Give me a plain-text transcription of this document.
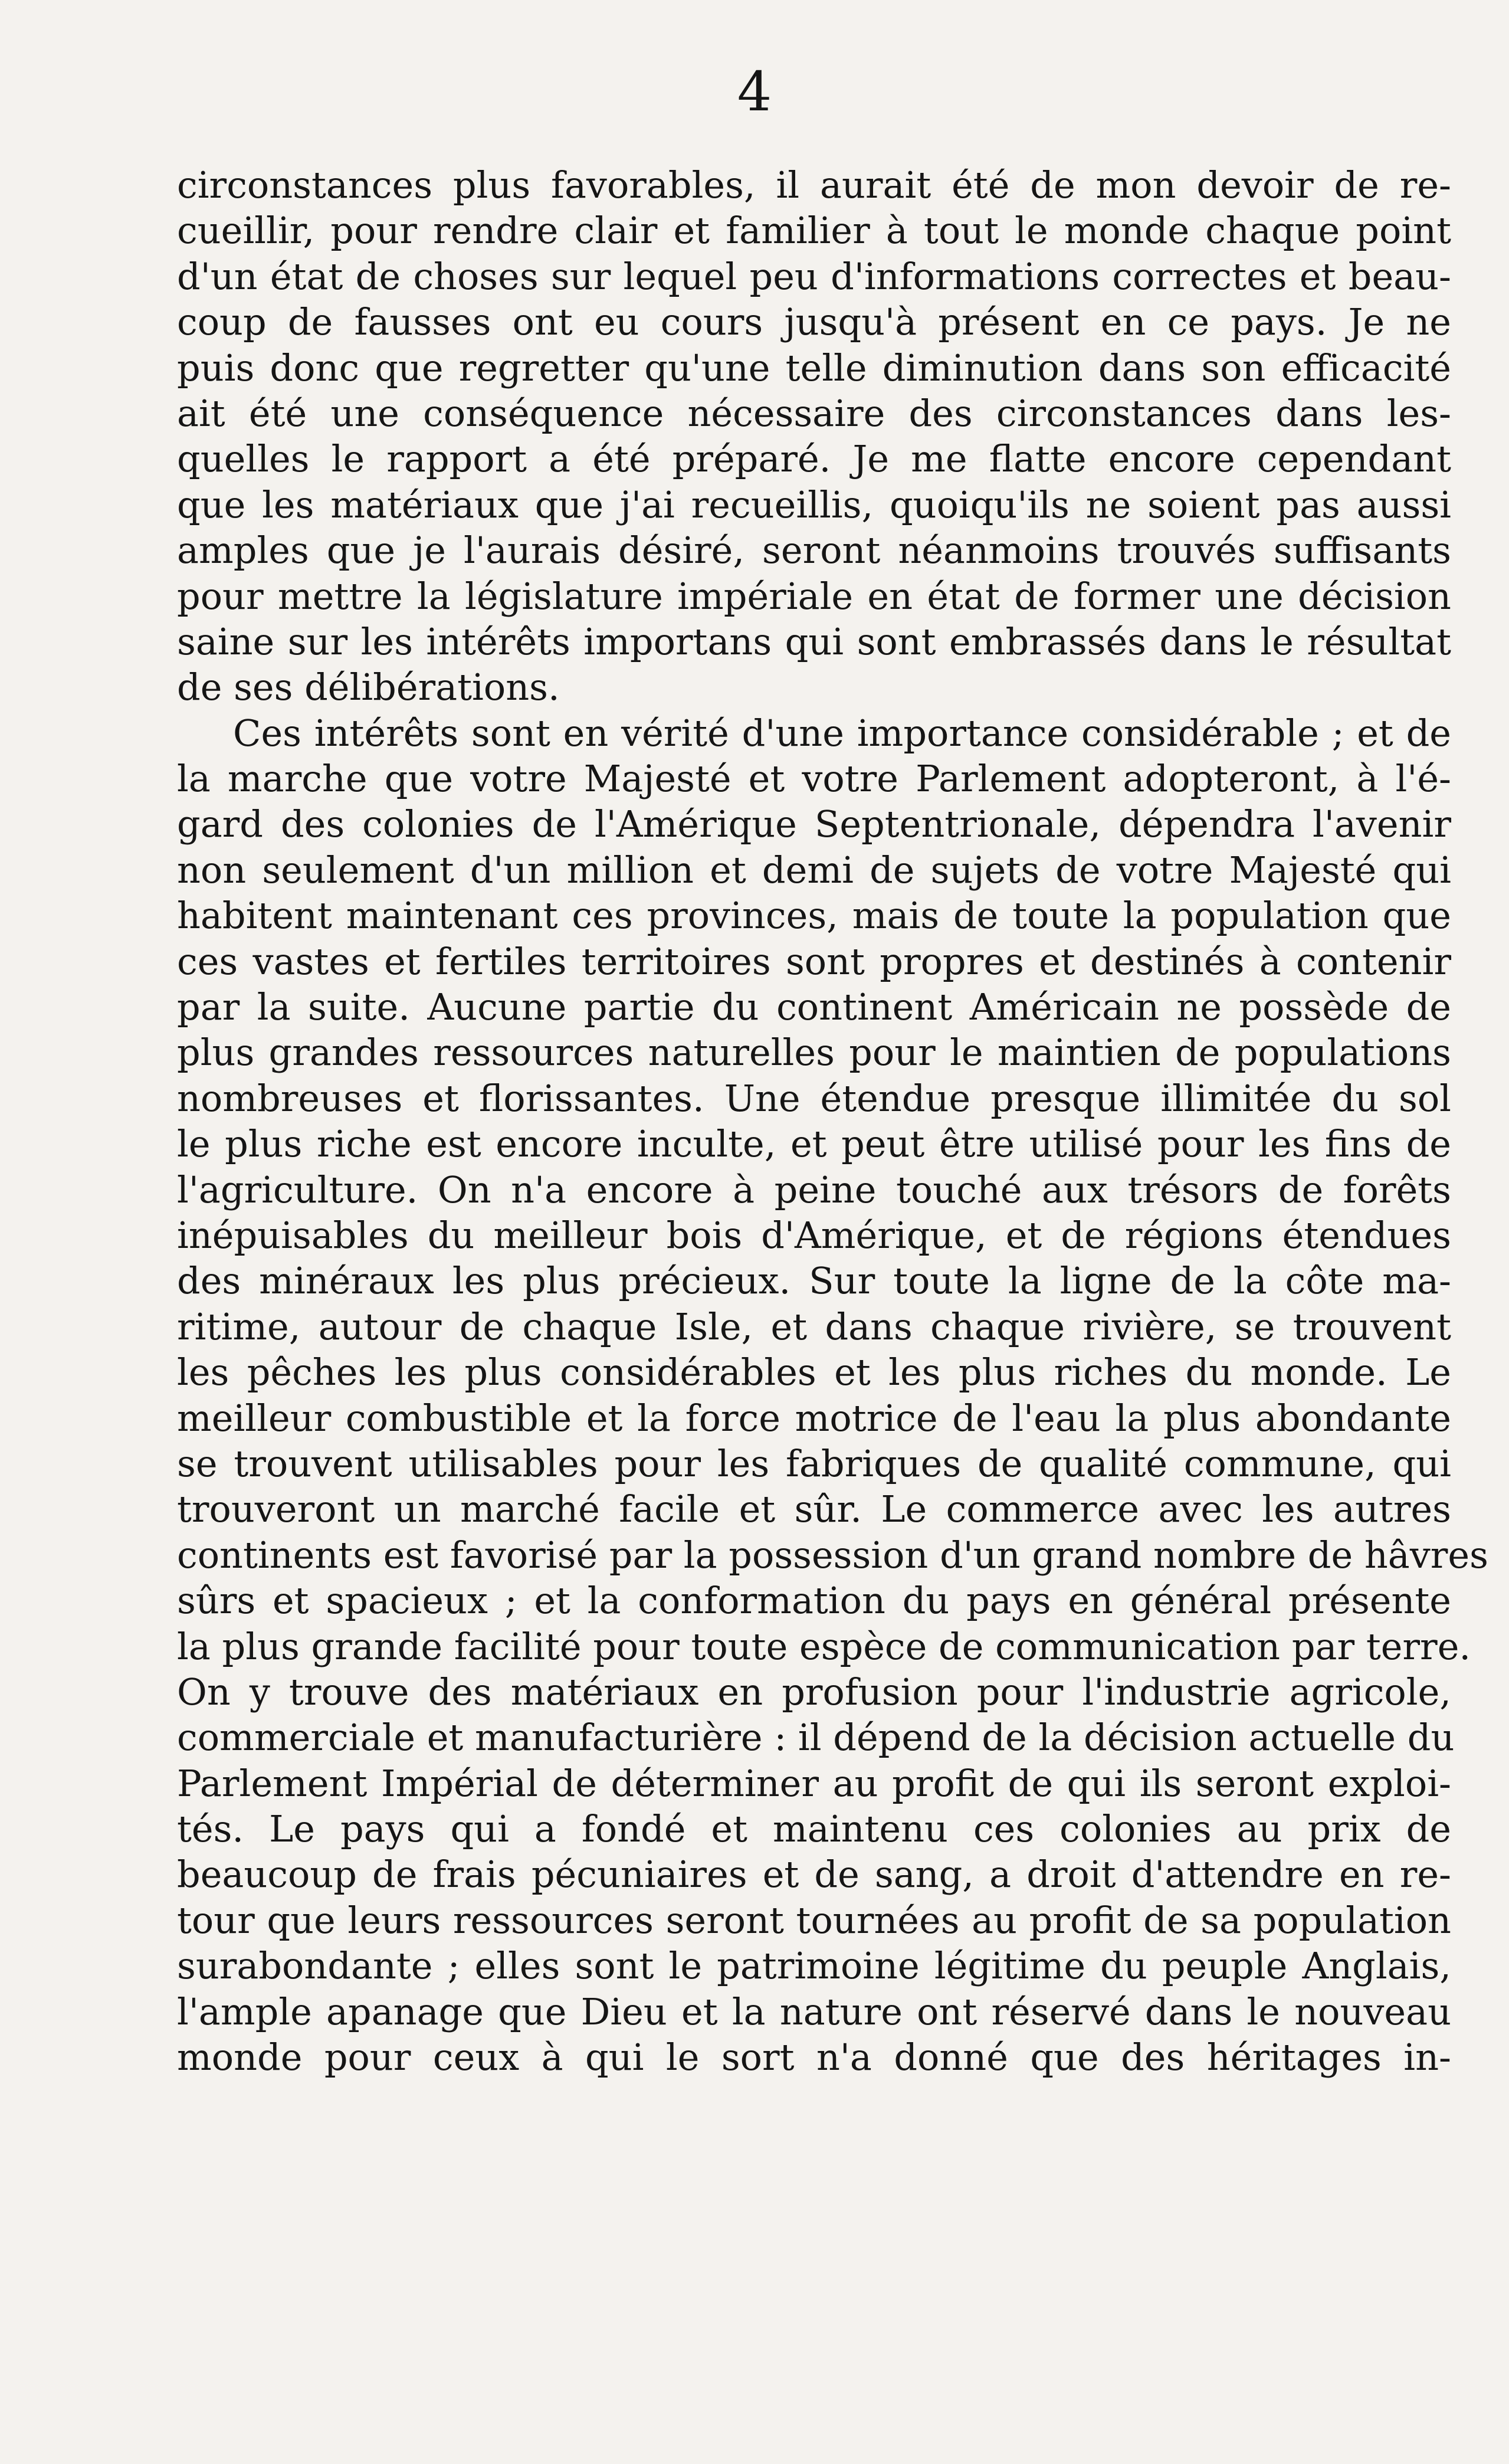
4
circonstances plus favorables, il aurait été de mon devoir de re-
cueillir, pour rendre clair et familier à tout le monde chaque point
d'un état de choses sur lequel peu d'informations correctes et beau-
coup de fausses ont eu cours jusqu'à présent en ce pays. Je ne
puis donc que regretter qu'une telle diminution dans son efficacité
ait été une conséquence nécessaire des circonstances dans les-
quelles le rapport a été préparé. Je me flatte encore cependant
que les matériaux que j'ai recueillis, quoiqu'ils ne soient pas aussi
amples que je l'aurais désiré, seront néanmoins trouvés suffisants
pour mettre la législature impériale en état de former une décision
saine sur les intérêts importans qui sont embrassés dans le résultat
de ses délibérations.
Ces intérêts sont en vérité d'une importance considérable ; et de
la marche que votre Majesté et votre Parlement adopteront, à l'é-
gard des colonies de l'Amérique Septentrionale, dépendra l'avenir
non seulement d'un million et demi de sujets de votre Majesté qui
habitent maintenant ces provinces, mais de toute la population que
ces vastes et fertiles territoires sont propres et destinés à contenir
par la suite. Aucune partie du continent Américain ne possède de
plus grandes ressources naturelles pour le maintien de populations
nombreuses et florissantes. Une étendue presque illimitée du sol
le plus riche est encore inculte, et peut être utilisé pour les fins de
l'agriculture. On n'a encore à peine touché aux trésors de forêts
inépuisables du meilleur bois d'Amérique, et de régions étendues
des minéraux les plus précieux. Sur toute la ligne de la côte ma-
ritime, autour de chaque Isle, et dans chaque rivière, se trouvent
les pêches les plus considérables et les plus riches du monde. Le
meilleur combustible et la force motrice de l'eau la plus abondante
se trouvent utilisables pour les fabriques de qualité commune, qui
trouveront un marché facile et sûr. Le commerce avec les autres
continents est favorisé par la possession d'un grand nombre de hâvres
sûrs et spacieux ; et la conformation du pays en général présente
la plus grande facilité pour toute espèce de communication par terre.
On y trouve des matériaux en profusion pour l'industrie agricole,
commerciale et manufacturière : il dépend de la décision actuelle du
Parlement Impérial de déterminer au profit de qui ils seront exploi-
tés. Le pays qui a fondé et maintenu ces colonies au prix de
beaucoup de frais pécuniaires et de sang, a droit d'attendre en re-
tour que leurs ressources seront tournées au profit de sa population
surabondante ; elles sont le patrimoine légitime du peuple Anglais,
l'ample apanage que Dieu et la nature ont réservé dans le nouveau
monde pour ceux à qui le sort n'a donné que des héritages in-
